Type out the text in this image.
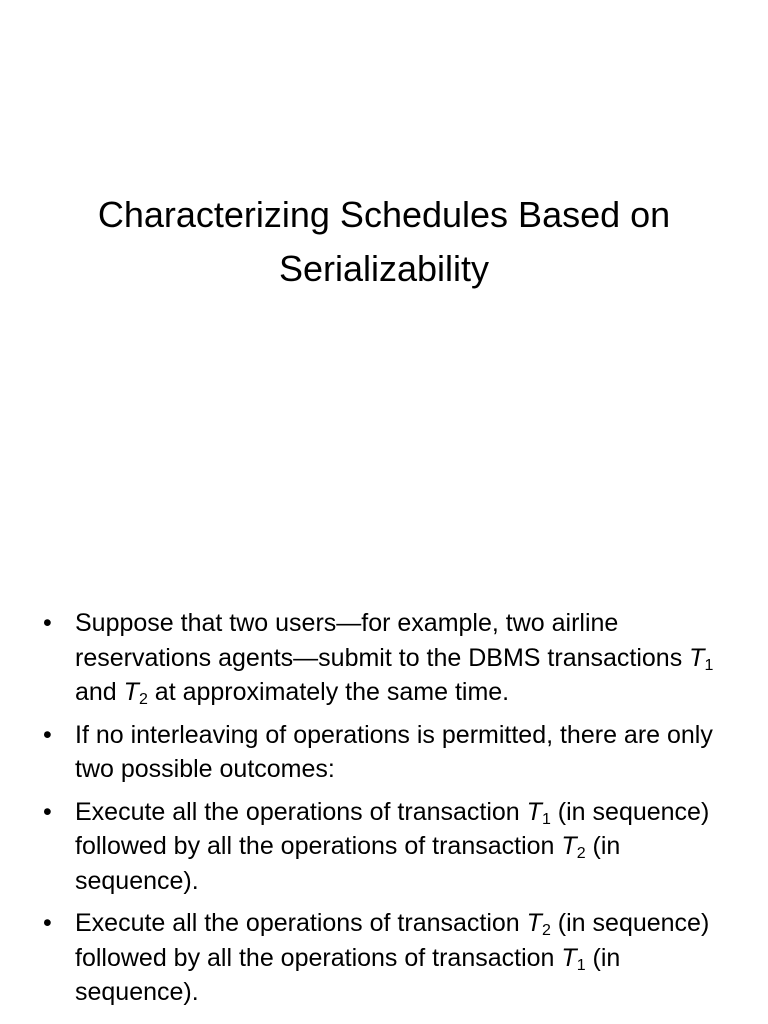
Characterizing Schedules Based on Serializability
• Suppose that two users—for example, two airline reservations agents—submit to the DBMS transactions $T_1$ and $T_2$ at approximately the same time.
• If no interleaving of operations is permitted, there are only two possible outcomes:
• Execute all the operations of transaction $T_1$ (in sequence) followed by all the operations of transaction $T_2$ (in sequence).
• Execute all the operations of transaction $T_2$ (in sequence) followed by all the operations of transaction $T_1$ (in sequence).
